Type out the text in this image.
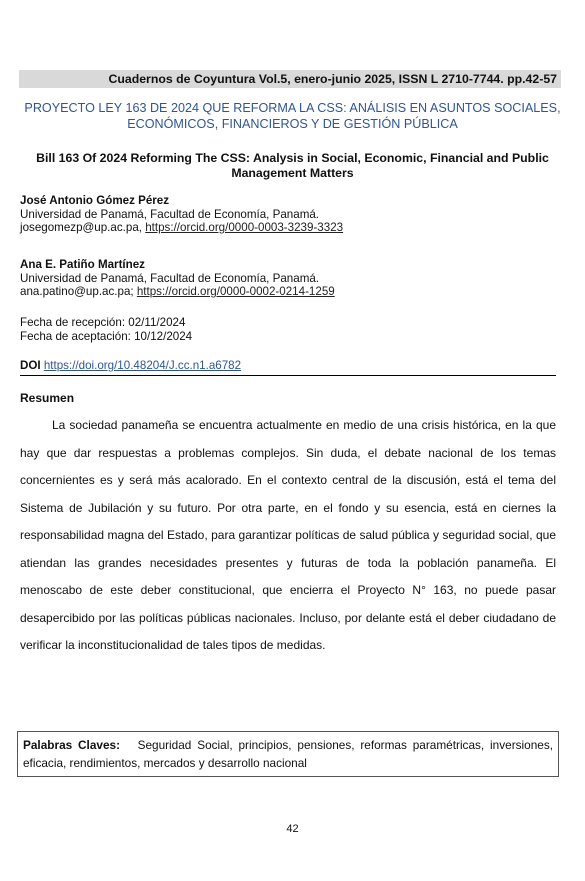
Cuadernos de Coyuntura Vol.5, enero-junio 2025, ISSN L 2710-7744. pp.42-57
PROYECTO LEY 163 DE 2024 QUE REFORMA LA CSS: ANÁLISIS EN ASUNTOS SOCIALES, ECONÓMICOS, FINANCIEROS Y DE GESTIÓN PÚBLICA
Bill 163 Of 2024 Reforming The CSS: Analysis in Social, Economic, Financial and Public Management Matters
José Antonio Gómez Pérez
Universidad de Panamá, Facultad de Economía, Panamá.
josegomezp@up.ac.pa, https://orcid.org/0000-0003-3239-3323
Ana E. Patiño Martínez
Universidad de Panamá, Facultad de Economía, Panamá.
ana.patino@up.ac.pa; https://orcid.org/0000-0002-0214-1259
Fecha de recepción: 02/11/2024
Fecha de aceptación: 10/12/2024
DOI https://doi.org/10.48204/J.cc.n1.a6782
Resumen

La sociedad panameña se encuentra actualmente en medio de una crisis histórica, en la que hay que dar respuestas a problemas complejos. Sin duda, el debate nacional de los temas concernientes es y será más acalorado. En el contexto central de la discusión, está el tema del Sistema de Jubilación y su futuro. Por otra parte, en el fondo y su esencia, está en ciernes la responsabilidad magna del Estado, para garantizar políticas de salud pública y seguridad social, que atiendan las grandes necesidades presentes y futuras de toda la población panameña. El menoscabo de este deber constitucional, que encierra el Proyecto N° 163, no puede pasar desapercibido por las políticas públicas nacionales. Incluso, por delante está el deber ciudadano de verificar la inconstitucionalidad de tales tipos de medidas.

Palabras Claves:   Seguridad Social, principios, pensiones, reformas paramétricas, inversiones, eficacia, rendimientos, mercados y desarrollo nacional
42
